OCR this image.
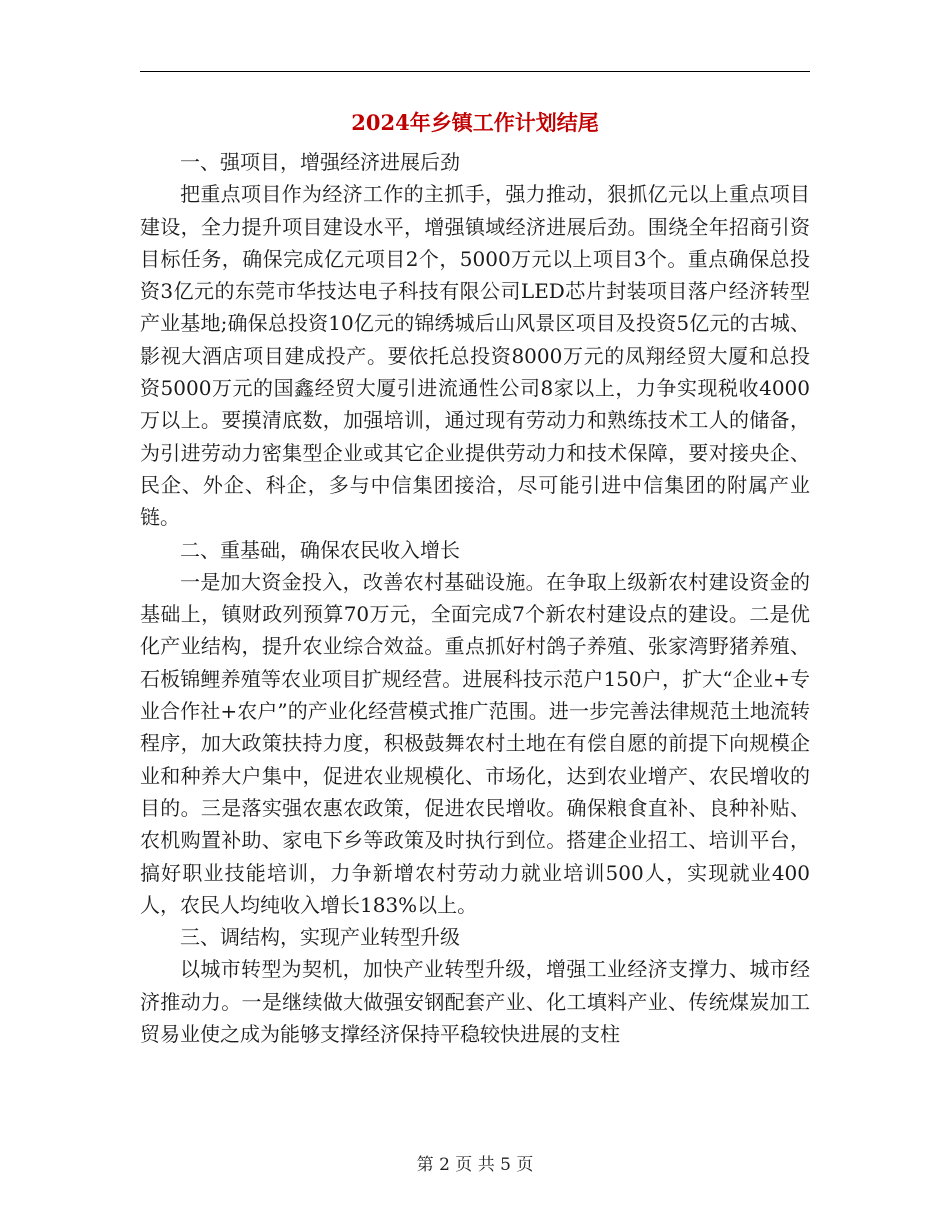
2024年乡镇工作计划结尾

一、强项目，增强经济进展后劲

把重点项目作为经济工作的主抓手，强力推动，狠抓亿元以上重点项目建设，全力提升项目建设水平，增强镇域经济进展后劲。围绕全年招商引资目标任务，确保完成亿元项目2个，5000万元以上项目3个。重点确保总投资3亿元的东莞市华技达电子科技有限公司LED芯片封装项目落户经济转型产业基地;确保总投资10亿元的锦绣城后山风景区项目及投资5亿元的古城、影视大酒店项目建成投产。要依托总投资8000万元的凤翔经贸大厦和总投资5000万元的国鑫经贸大厦引进流通性公司8家以上，力争实现税收4000万以上。要摸清底数，加强培训，通过现有劳动力和熟练技术工人的储备，为引进劳动力密集型企业或其它企业提供劳动力和技术保障，要对接央企、民企、外企、科企，多与中信集团接洽，尽可能引进中信集团的附属产业链。

二、重基础，确保农民收入增长

一是加大资金投入，改善农村基础设施。在争取上级新农村建设资金的基础上，镇财政列预算70万元，全面完成7个新农村建设点的建设。二是优化产业结构，提升农业综合效益。重点抓好村鸽子养殖、张家湾野猪养殖、石板锦鲤养殖等农业项目扩规经营。进展科技示范户150户，扩大“企业+专业合作社+农户”的产业化经营模式推广范围。进一步完善法律规范土地流转程序，加大政策扶持力度，积极鼓舞农村土地在有偿自愿的前提下向规模企业和种养大户集中，促进农业规模化、市场化，达到农业增产、农民增收的目的。三是落实强农惠农政策，促进农民增收。确保粮食直补、良种补贴、农机购置补助、家电下乡等政策及时执行到位。搭建企业招工、培训平台，搞好职业技能培训，力争新增农村劳动力就业培训500人，实现就业400人，农民人均纯收入增长183%以上。

三、调结构，实现产业转型升级

以城市转型为契机，加快产业转型升级，增强工业经济支撑力、城市经济推动力。一是继续做大做强安钢配套产业、化工填料产业、传统煤炭加工贸易业使之成为能够支撑经济保持平稳较快进展的支柱

第 2 页 共 5 页
